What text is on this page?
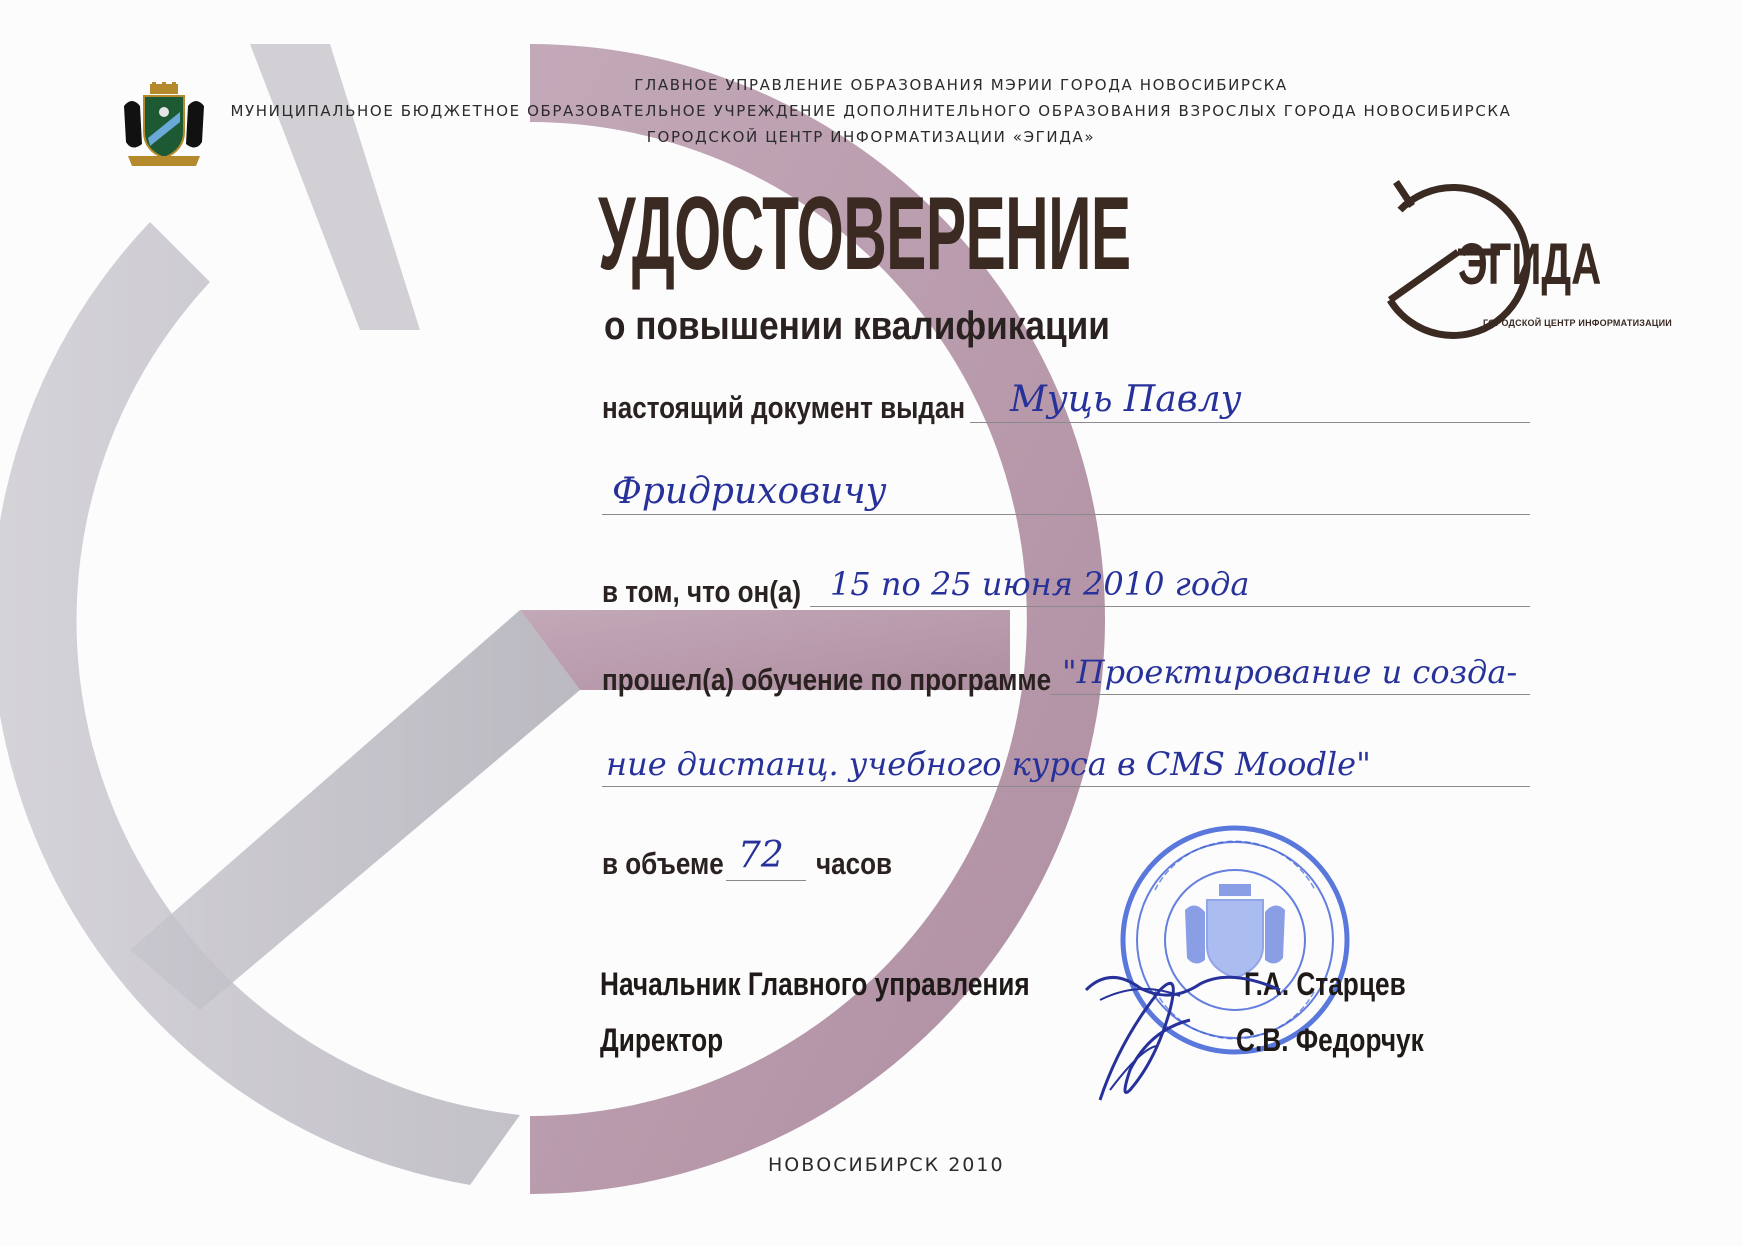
ГЛАВНОЕ УПРАВЛЕНИЕ ОБРАЗОВАНИЯ МЭРИИ ГОРОДА НОВОСИБИРСКА
МУНИЦИПАЛЬНОЕ БЮДЖЕТНОЕ ОБРАЗОВАТЕЛЬНОЕ УЧРЕЖДЕНИЕ ДОПОЛНИТЕЛЬНОГО ОБРАЗОВАНИЯ ВЗРОСЛЫХ ГОРОДА НОВОСИБИРСКА
ГОРОДСКОЙ ЦЕНТР ИНФОРМАТИЗАЦИИ «ЭГИДА»
УДОСТОВЕРЕНИЕ
о повышении квалификации
ЭГИДА
ГОРОДСКОЙ ЦЕНТР ИНФОРМАТИЗАЦИИ
настоящий документ выдан Муць Павлу
Фридриховичу
в том, что он(а) 15 по 25 июня 2010 года
прошел(а) обучение по программе "Проектирование и созда-
ние дистанц. учебного курса в CMS Moodle"
в объеме 72 часов
Начальник Главного управления
Директор
Г.А. Старцев
С.В. Федорчук
НОВОСИБИРСК 2010
